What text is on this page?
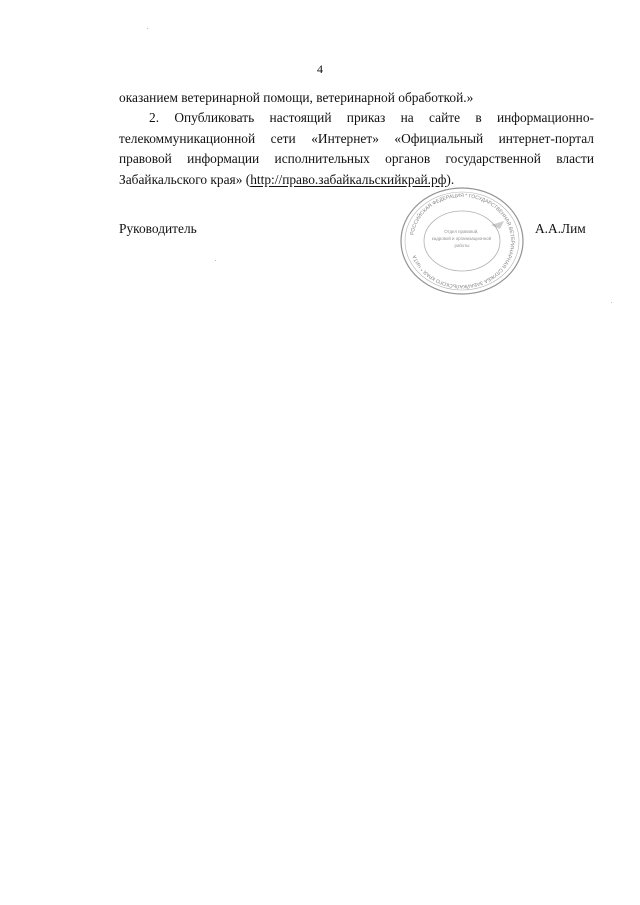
4
оказанием ветеринарной помощи, ветеринарной обработкой.»
2. Опубликовать настоящий приказ на сайте в информационно-
телекоммуникационной сети «Интернет» «Официальный интернет-портал
правовой информации исполнительных органов государственной власти
Забайкальского края» (http://право.забайкальскийкрай.рф).
Руководитель	РОССИЙСКАЯ ФЕДЕРАЦИЯ * ГОСУДАРСТВЕННАЯ ВЕТЕРИНАРНАЯ СЛУЖБА ЗАБАЙКАЛЬСКОГО КРАЯ * ЧИТА
Отдел правовой, кадровой и организационной работы
А.А.Лим
